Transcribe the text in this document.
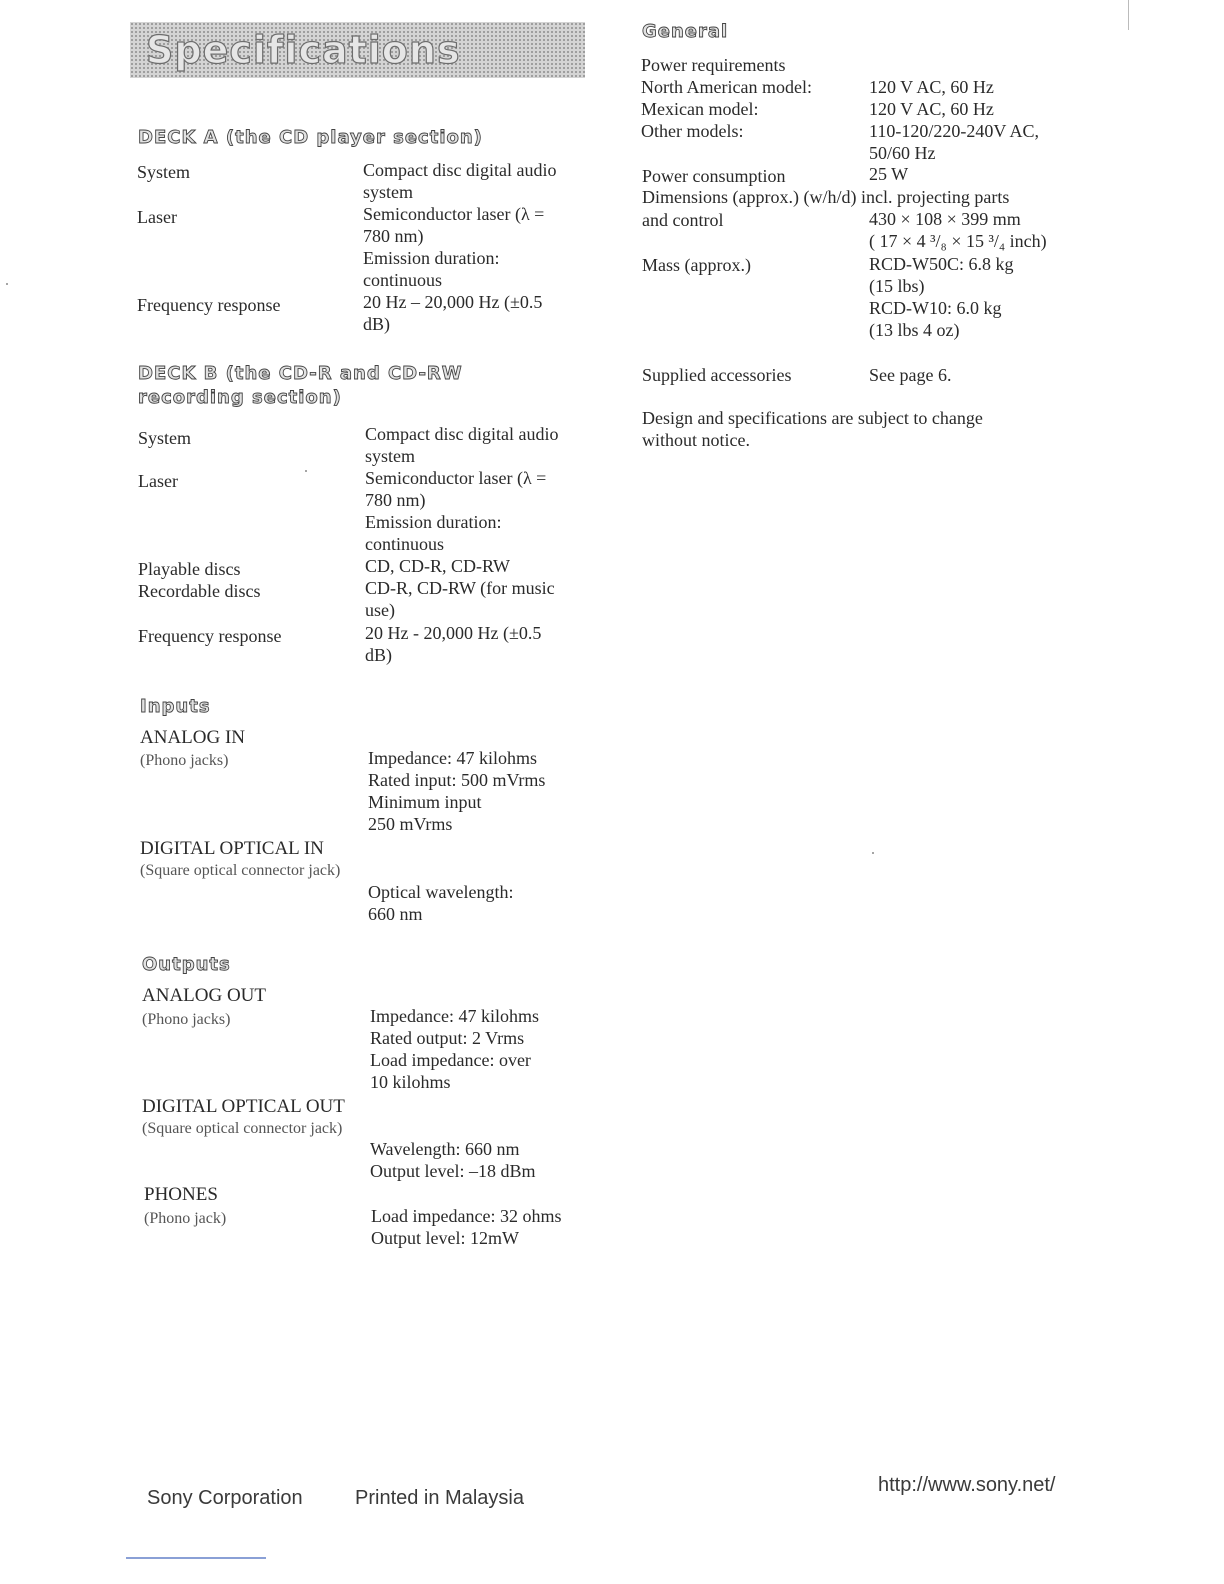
Specifications
DECK A (the CD player section)
System	Compact disc digital audio
system
Laser	Semiconductor laser (λ =
780 nm)
Emission duration:
continuous
Frequency response	20 Hz – 20,000 Hz (±0.5
dB)
DECK B (the CD-R and CD-RW
recording section)
System	Compact disc digital audio
system
Laser	Semiconductor laser (λ =
780 nm)
Emission duration:
continuous
Playable discs	CD, CD-R, CD-RW
Recordable discs	CD-R, CD-RW (for music
use)
Frequency response	20 Hz - 20,000 Hz (±0.5
dB)
Inputs
ANALOG IN
(Phono jacks)	Impedance: 47 kilohms
Rated input: 500 mVrms
Minimum input
250 mVrms
DIGITAL OPTICAL IN
(Square optical connector jack)
Optical wavelength:
660 nm
Outputs
ANALOG OUT
(Phono jacks)	Impedance: 47 kilohms
Rated output: 2 Vrms
Load impedance: over
10 kilohms
DIGITAL OPTICAL OUT
(Square optical connector jack)
Wavelength: 660 nm
Output level: –18 dBm
PHONES
(Phono jack)	Load impedance: 32 ohms
Output level: 12mW
General
Power requirements
North American model:	120 V AC, 60 Hz
Mexican model:	120 V AC, 60 Hz
Other models:	110-120/220-240V AC,
50/60 Hz
Power consumption	25 W
Dimensions (approx.) (w/h/d) incl. projecting parts
and control	430 × 108 × 399 mm
( 17 × 4 ³/₈ × 15 ³/₄ inch)
Mass (approx.)	RCD-W50C: 6.8 kg
(15 lbs)
RCD-W10: 6.0 kg
(13 lbs 4 oz)
Supplied accessories	See page 6.
Design and specifications are subject to change
without notice.
Sony Corporation	Printed in Malaysia
http://www.sony.net/
